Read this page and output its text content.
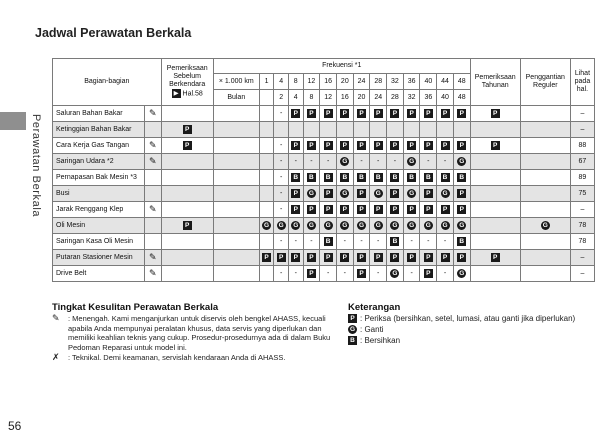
Jadwal Perawatan Berkala
Perawatan Berkala
Bagian-bagian		Pemeriksaan Sebelum Berkendara
▶ Hal.58	Frekuensi *1														Pemeriksaan Tahunan	Penggantian Reguler	Lihat pada hal.
			× 1.000 km	1	4	8	12	16	20	24	28	32	36	40	44	48			
			Bulan		2	4	8	12	16	20	24	28	32	36	40	48			
Saluran Bahan Bakar	✎				-	P	P	P	P	P	P	P	P	P	P	P	P		–
Ketinggian Bahan Bakar		P																	–
Cara Kerja Gas Tangan	✎	P			-	P	P	P	P	P	P	P	P	P	P	P	P		88
Saringan Udara *2	✎				-	-	-	-	G	-	-	-	G	-	-	G			67
Pernapasan Bak Mesin *3					-	B	B	B	B	B	B	B	B	B	B	B			89
Busi					-	P	G	P	G	P	G	P	G	P	G	P			75
Jarak Renggang Klep	✎				-	P	P	P	P	P	P	P	P	P	P	P			–
Oli Mesin		P		G	G	G	G	G	G	G	G	G	G	G	G	G		G	78
Saringan Kasa Oli Mesin					-	-	-	B	-	-	-	B	-	-	-	B			78
Putaran Stasioner Mesin	✎			P	P	P	P	P	P	P	P	P	P	P	P	P	P		–
Drive Belt	✎				-	-	P	-	-	P	-	G	-	P	-	G			–
Tingkat Kesulitan Perawatan Berkala
✎ : Menengah. Kami menganjurkan untuk diservis oleh bengkel AHASS, kecuali apabila Anda mempunyai peralatan khusus, data servis yang diperlukan dan memiliki keahlian teknis yang cukup. Prosedur-prosedurnya ada di dalam Buku Pedoman Reparasi untuk model ini.
✗ : Teknikal. Demi keamanan, servislah kendaraan Anda di AHASS.
Keterangan
P : Periksa (bersihkan, setel, lumasi, atau ganti jika diperlukan)
G : Ganti
B : Bersihkan
56
